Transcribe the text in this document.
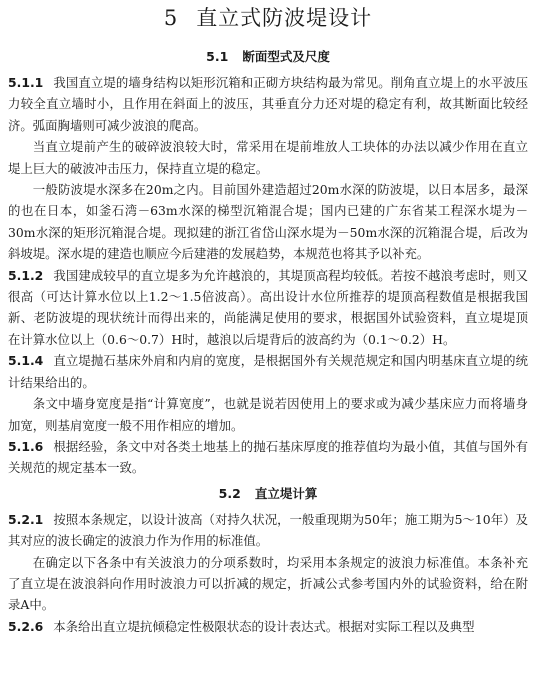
5 直立式防波堤设计
5.1 断面型式及尺度

5.1.1 我国直立堤的墙身结构以矩形沉箱和正砌方块结构最为常见。削角直立堤上的水平波压力较全直立墙时小，且作用在斜面上的波压，其垂直分力还对堤的稳定有利，故其断面比较经济。弧面胸墙则可减少波浪的爬高。

当直立堤前产生的破碎波浪较大时，常采用在堤前堆放人工块体的办法以减少作用在直立堤上巨大的破波冲击压力，保持直立堤的稳定。

一般防波堤水深多在20m之内。目前国外建造超过20m水深的防波堤，以日本居多，最深的也在日本，如釜石湾－63m水深的梯型沉箱混合堤；国内已建的广东省某工程深水堤为－30m水深的矩形沉箱混合堤。现拟建的浙江省岱山深水堤为－50m水深的沉箱混合堤，后改为斜坡堤。深水堤的建造也顺应今后建港的发展趋势，本规范也将其予以补充。

5.1.2 我国建成较早的直立堤多为允许越浪的，其堤顶高程均较低。若按不越浪考虑时，则又很高（可达计算水位以上1.2～1.5倍波高）。高出设计水位所推荐的堤顶高程数值是根据我国新、老防波堤的现状统计而得出来的，尚能满足使用的要求，根据国外试验资料，直立堤堤顶在计算水位以上（0.6～0.7）H时，越浪以后堤背后的波高约为（0.1～0.2）H。

5.1.4 直立堤抛石基床外肩和内肩的宽度，是根据国外有关规范规定和国内明基床直立堤的统计结果给出的。

条文中墙身宽度是指“计算宽度”，也就是说若因使用上的要求或为减少基床应力而将墙身加宽，则基肩宽度一般不用作相应的增加。

5.1.6 根据经验，条文中对各类土地基上的抛石基床厚度的推荐值均为最小值，其值与国外有关规范的规定基本一致。

5.2 直立堤计算

5.2.1 按照本条规定，以设计波高（对持久状况，一般重现期为50年；施工期为5～10年）及其对应的波长确定的波浪力作为作用的标准值。

在确定以下各条中有关波浪力的分项系数时，均采用本条规定的波浪力标准值。本条补充了直立堤在波浪斜向作用时波浪力可以折减的规定，折减公式参考国内外的试验资料，给在附录A中。

5.2.6 本条给出直立堤抗倾稳定性极限状态的设计表达式。根据对实际工程以及典型
